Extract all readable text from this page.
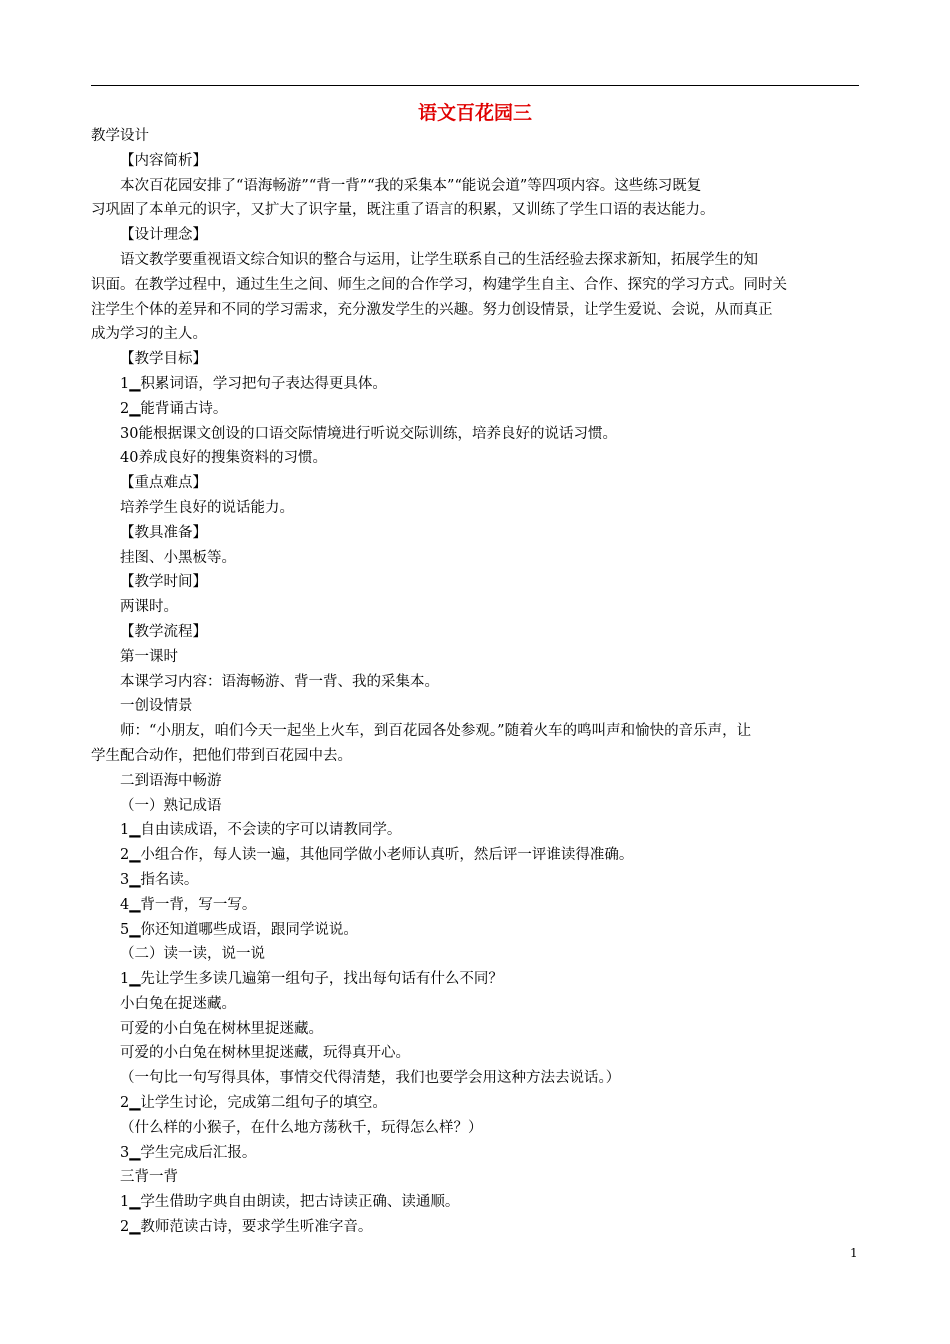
语文百花园三
教学设计
【内容简析】
本次百花园安排了“语海畅游”“背一背”“我的采集本”“能说会道”等四项内容。这些练习既复
习巩固了本单元的识字，又扩大了识字量，既注重了语言的积累，又训练了学生口语的表达能力。
【设计理念】
语文教学要重视语文综合知识的整合与运用，让学生联系自己的生活经验去探求新知，拓展学生的知
识面。在教学过程中，通过生生之间、师生之间的合作学习，构建学生自主、合作、探究的学习方式。同时关
注学生个体的差异和不同的学习需求，充分激发学生的兴趣。努力创设情景，让学生爱说、会说，从而真正
成为学习的主人。
【教学目标】
1▁积累词语，学习把句子表达得更具体。
2▁能背诵古诗。
30能根据课文创设的口语交际情境进行听说交际训练，培养良好的说话习惯。
40养成良好的搜集资料的习惯。
【重点难点】
培养学生良好的说话能力。
【教具准备】
挂图、小黑板等。
【教学时间】
两课时。
【教学流程】
第一课时
本课学习内容：语海畅游、背一背、我的采集本。
一创设情景
师：“小朋友，咱们今天一起坐上火车，到百花园各处参观。”随着火车的鸣叫声和愉快的音乐声，让
学生配合动作，把他们带到百花园中去。
二到语海中畅游
（一）熟记成语
1▁自由读成语，不会读的字可以请教同学。
2▁小组合作，每人读一遍，其他同学做小老师认真听，然后评一评谁读得准确。
3▁指名读。
4▁背一背，写一写。
5▁你还知道哪些成语，跟同学说说。
（二）读一读，说一说
1▁先让学生多读几遍第一组句子，找出每句话有什么不同？
小白兔在捉迷藏。
可爱的小白兔在树林里捉迷藏。
可爱的小白兔在树林里捉迷藏，玩得真开心。
（一句比一句写得具体，事情交代得清楚，我们也要学会用这种方法去说话。）
2▁让学生讨论，完成第二组句子的填空。
（什么样的小猴子，在什么地方荡秋千，玩得怎么样？）
3▁学生完成后汇报。
三背一背
1▁学生借助字典自由朗读，把古诗读正确、读通顺。
2▁教师范读古诗，要求学生听准字音。
1
